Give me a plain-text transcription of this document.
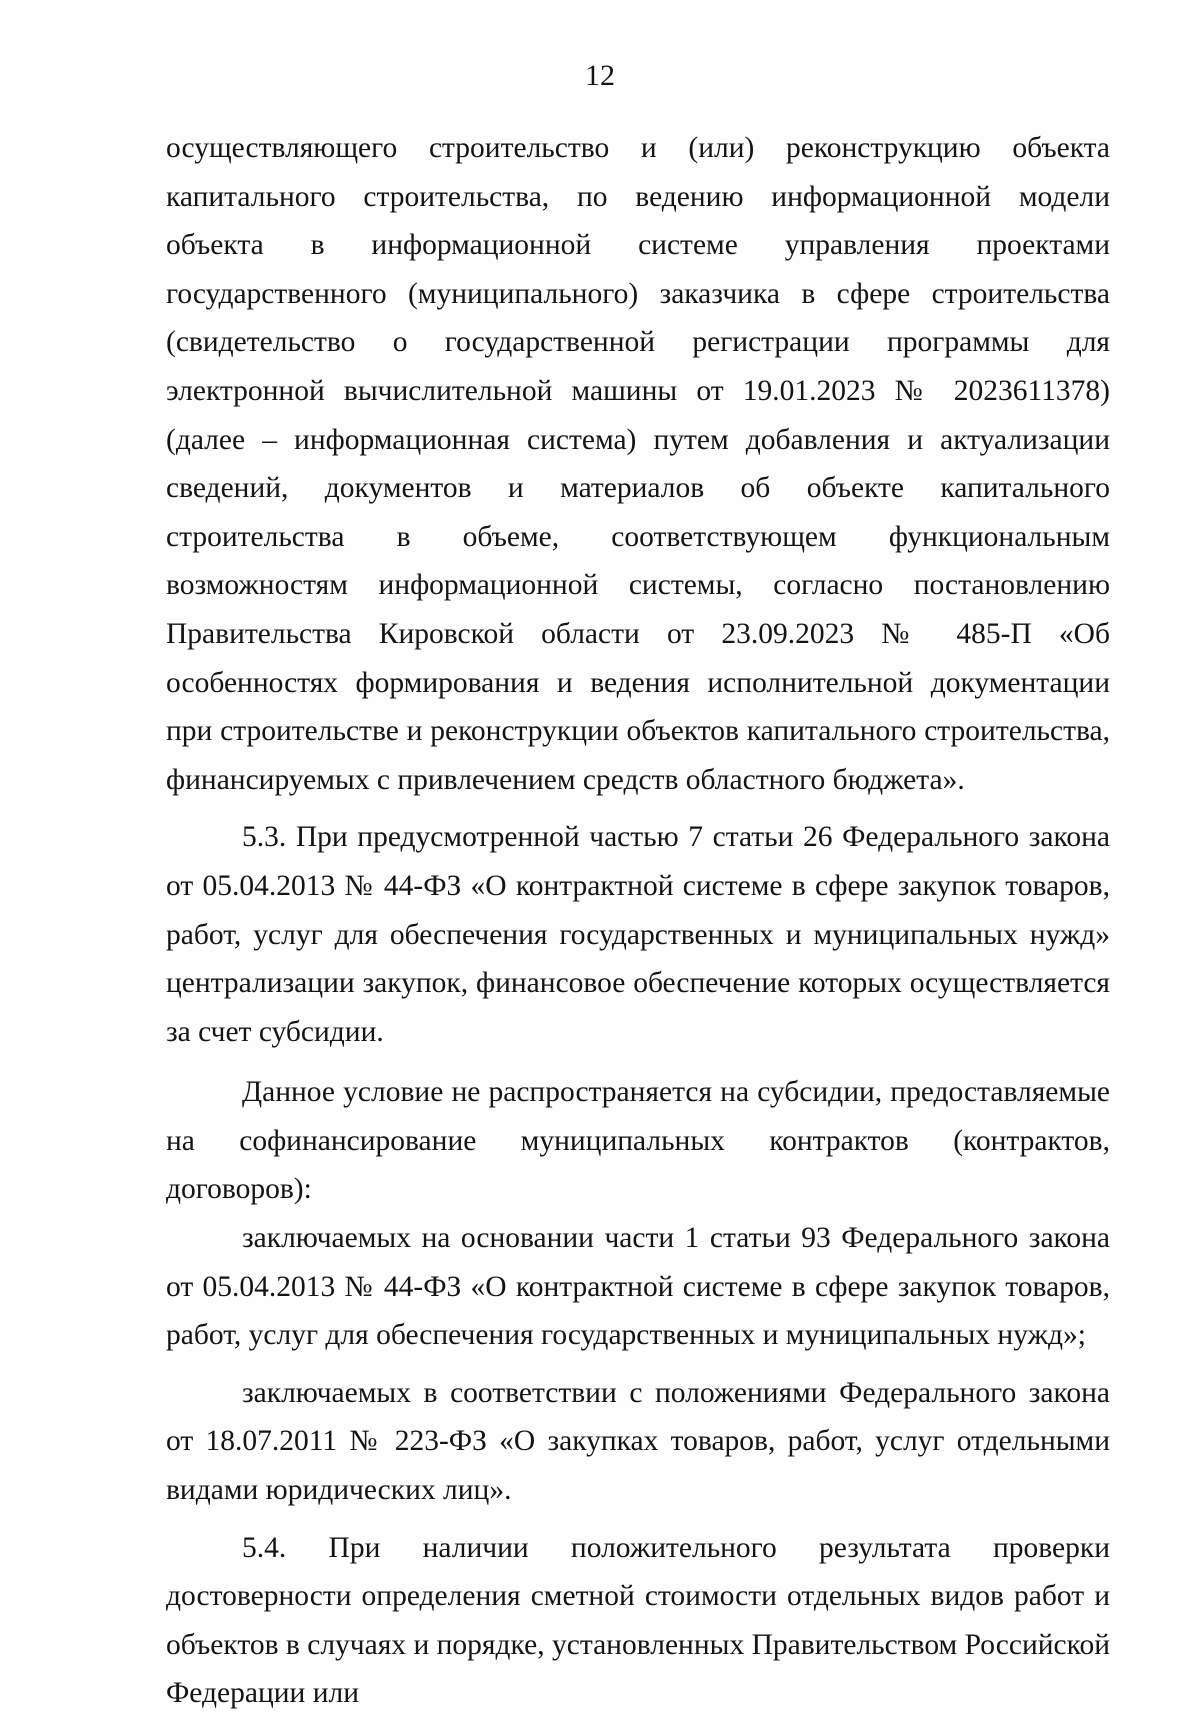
12

осуществляющего строительство и (или) реконструкцию объекта капитального строительства, по ведению информационной модели объекта в информационной системе управления проектами государственного (муниципального) заказчика в сфере строительства (свидетельство о государственной регистрации программы для электронной вычислительной машины от 19.01.2023 № 2023611378) (далее – информационная система) путем добавления и актуализации сведений, документов и материалов об объекте капитального строительства в объеме, соответствующем функциональным возможностям информационной системы, согласно постановлению Правительства Кировской области от 23.09.2023 № 485-П «Об особенностях формирования и ведения исполнительной документации при строительстве и реконструкции объектов капитального строительства, финансируемых с привлечением средств областного бюджета».

5.3. При предусмотренной частью 7 статьи 26 Федерального закона от 05.04.2013 № 44-ФЗ «О контрактной системе в сфере закупок товаров, работ, услуг для обеспечения государственных и муниципальных нужд» централизации закупок, финансовое обеспечение которых осуществляется за счет субсидии.

Данное условие не распространяется на субсидии, предоставляемые на софинансирование муниципальных контрактов (контрактов, договоров):

заключаемых на основании части 1 статьи 93 Федерального закона от 05.04.2013 № 44-ФЗ «О контрактной системе в сфере закупок товаров, работ, услуг для обеспечения государственных и муниципальных нужд»;

заключаемых в соответствии с положениями Федерального закона от 18.07.2011 № 223-ФЗ «О закупках товаров, работ, услуг отдельными видами юридических лиц».

5.4. При наличии положительного результата проверки достоверности определения сметной стоимости отдельных видов работ и объектов в случаях и порядке, установленных Правительством Российской Федерации или
